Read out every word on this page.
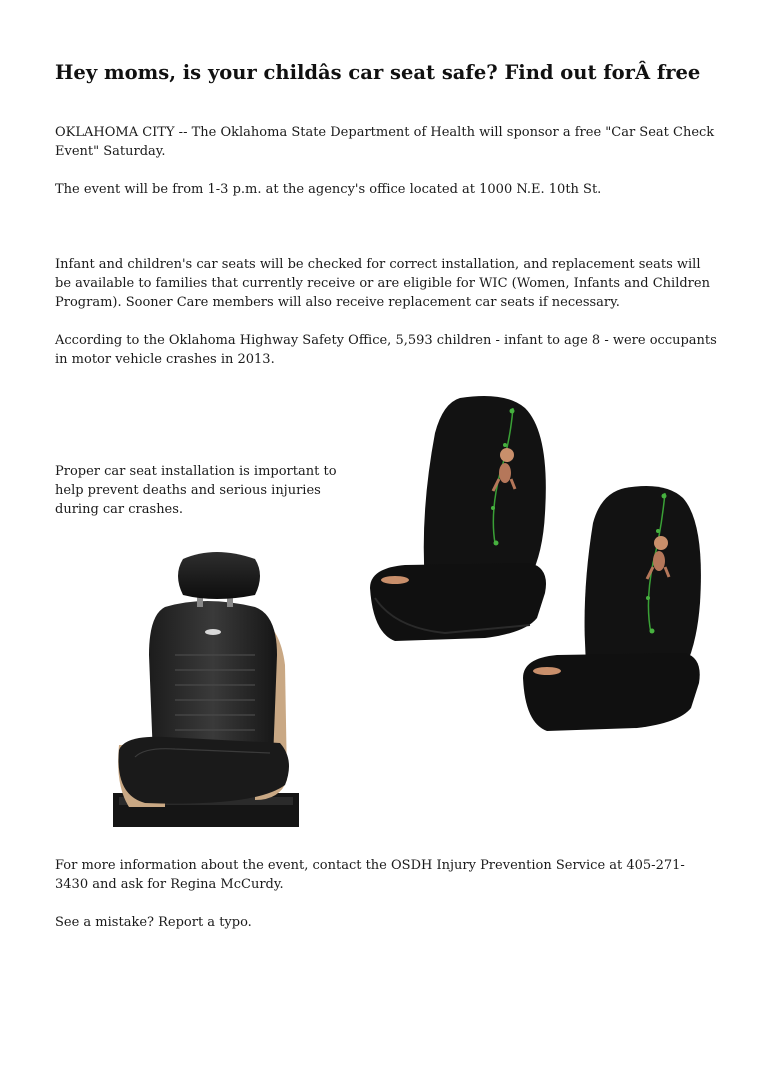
Hey moms, is your childâs car seat safe? Find out forÂ free

OKLAHOMA CITY -- The Oklahoma State Department of Health will sponsor a free "Car Seat Check Event" Saturday.

The event will be from 1-3 p.m. at the agency's office located at 1000 N.E. 10th St.

Infant and children's car seats will be checked for correct installation, and replacement seats will be available to families that currently receive or are eligible for WIC (Women, Infants and Children Program). Sooner Care members will also receive replacement car seats if necessary.

According to the Oklahoma Highway Safety Office, 5,593 children - infant to age 8 - were occupants in motor vehicle crashes in 2013.

Proper car seat installation is important to help prevent deaths and serious injuries during car crashes.

For more information about the event, contact the OSDH Injury Prevention Service at 405-271-3430 and ask for Regina McCurdy.

See a mistake? Report a typo.
